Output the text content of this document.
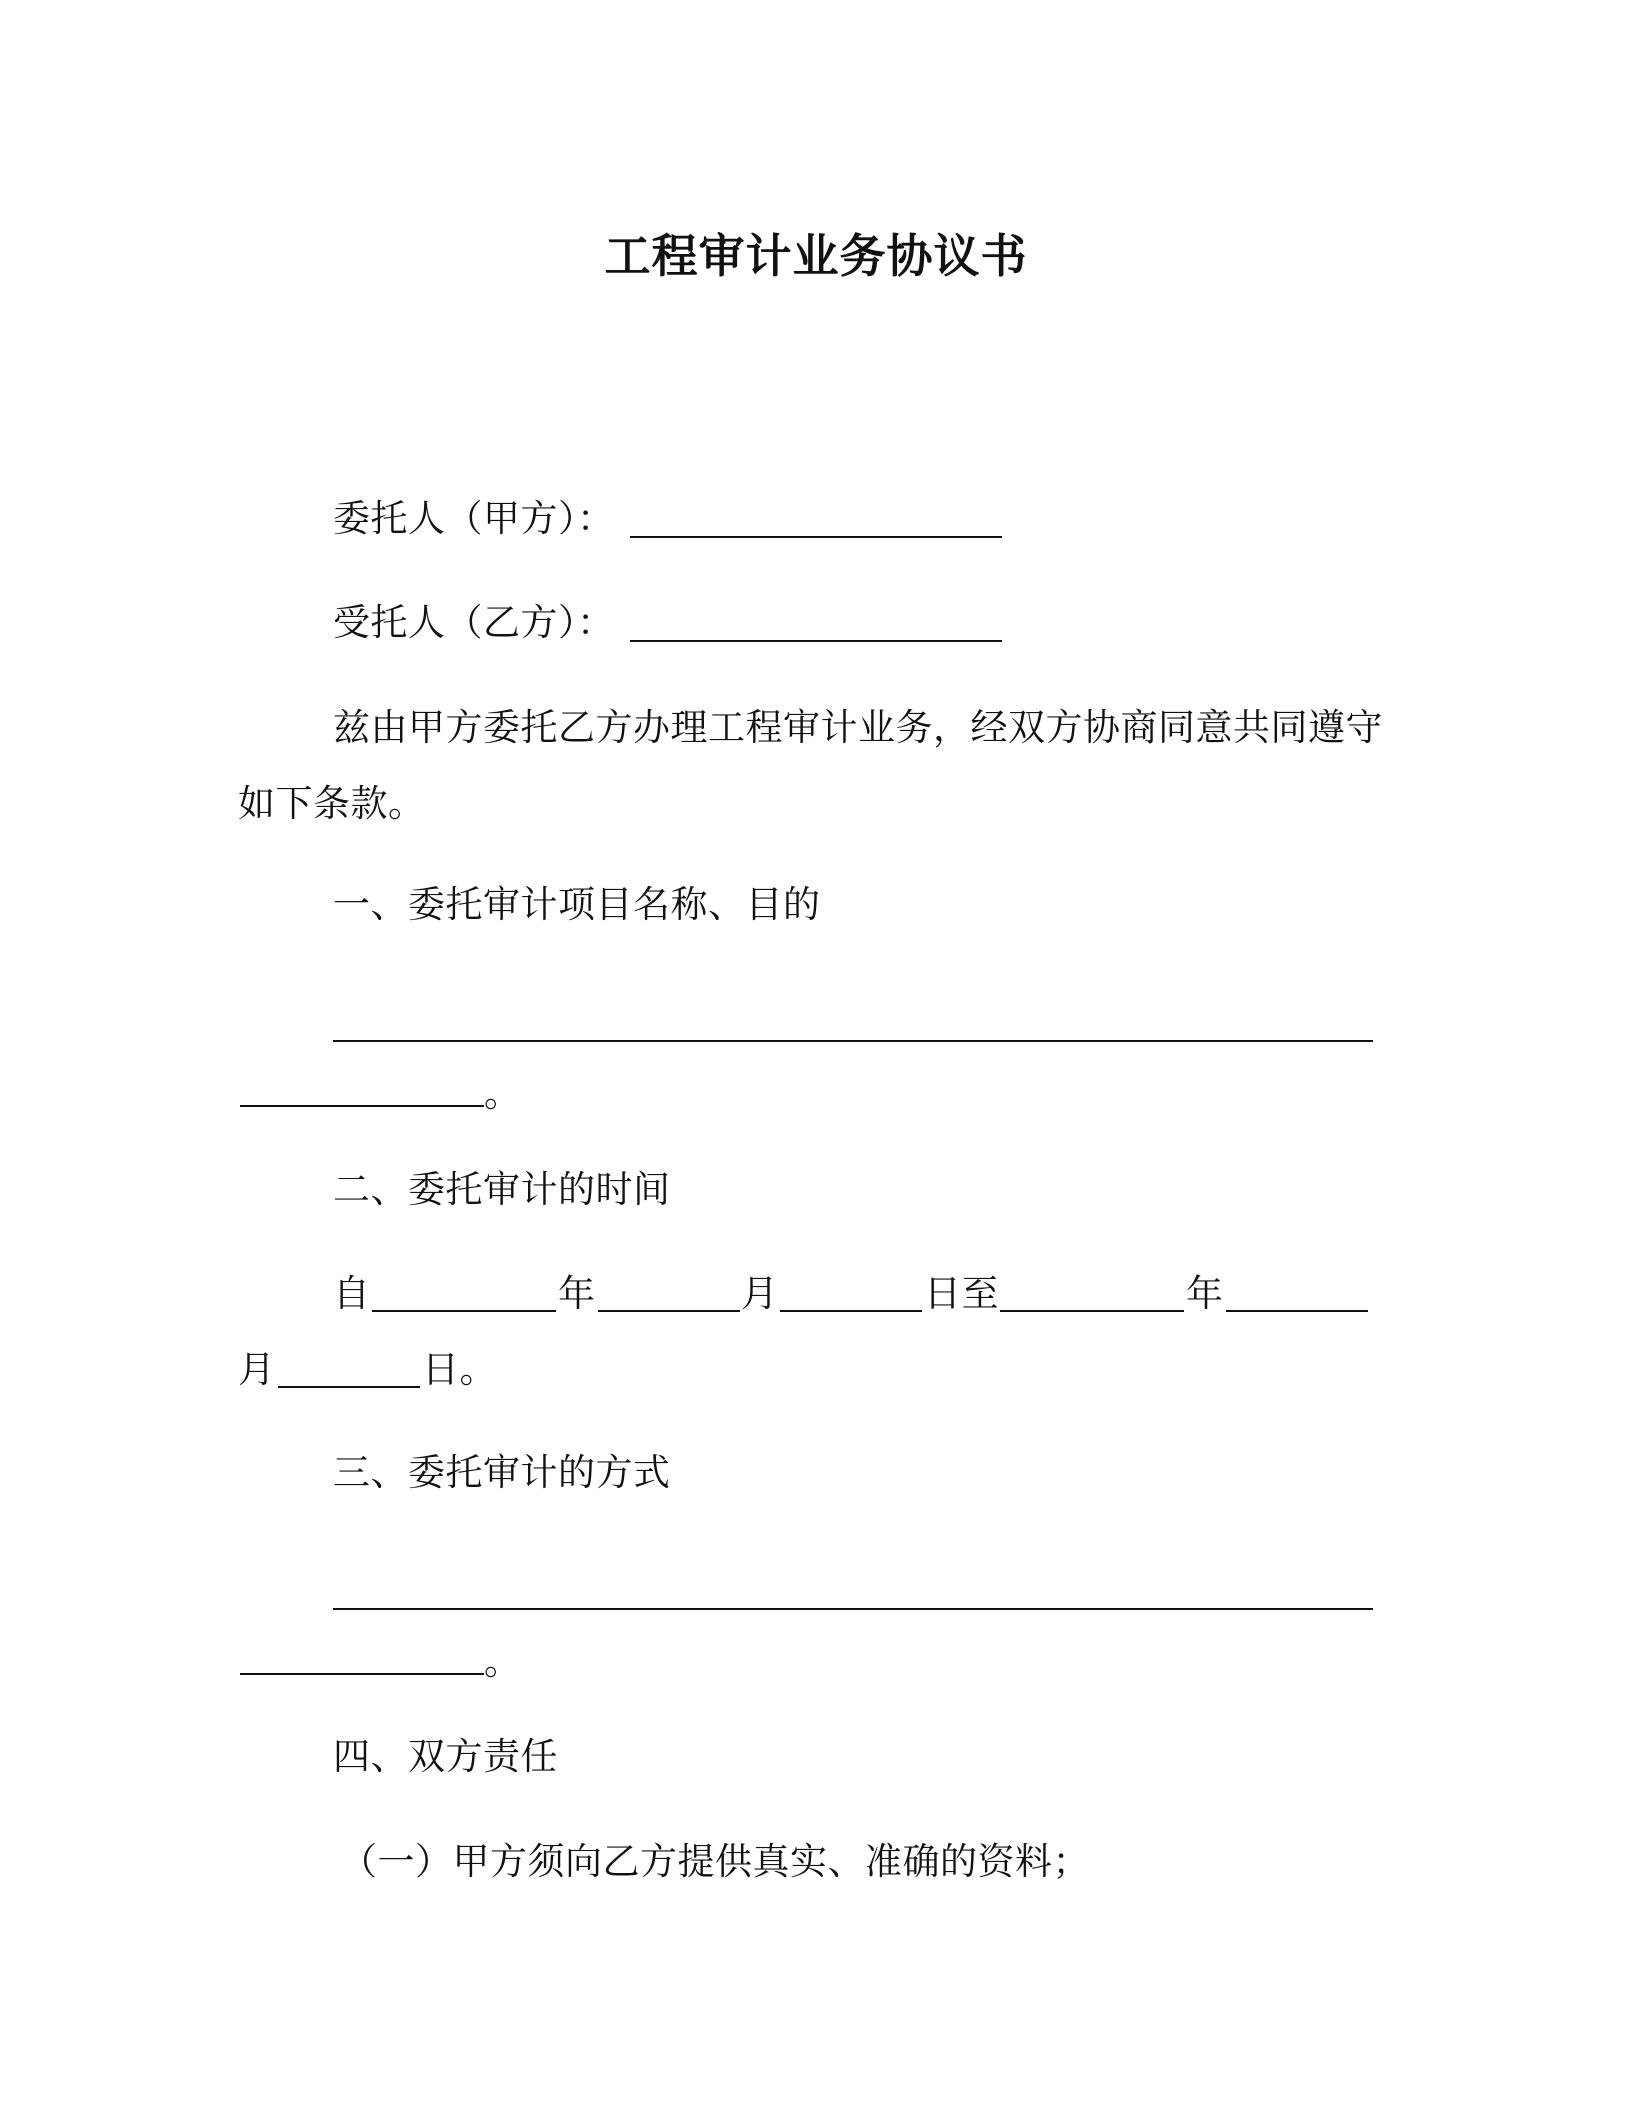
工程审计业务协议书
委托人（甲方）：
受托人（乙方）：
兹由甲方委托乙方办理工程审计业务，经双方协商同意共同遵守
如下条款。
一、委托审计项目名称、目的
。
二、委托审计的时间
自	年	月	日至	年
月	日。
三、委托审计的方式
。
四、双方责任
（一）甲方须向乙方提供真实、准确的资料；
